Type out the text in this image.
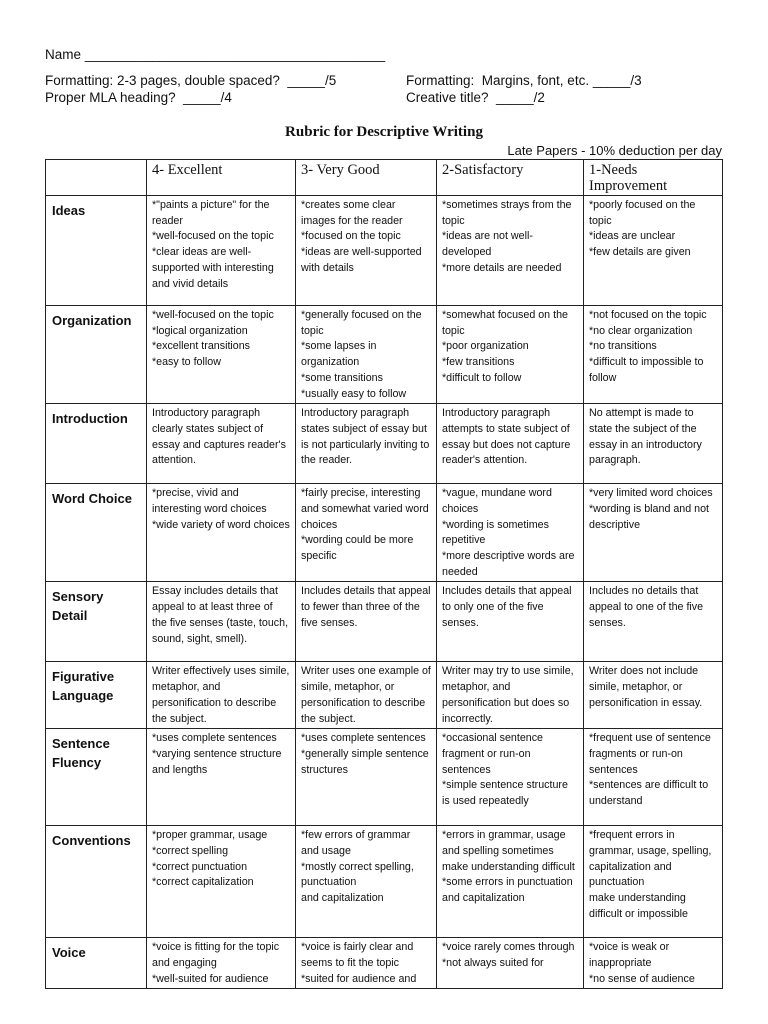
Name ________________________________________
Formatting: 2-3 pages, double spaced?  _____/5	Formatting:  Margins, font, etc. _____/3
Proper MLA heading?  _____/4	Creative title?  _____/2
Rubric for Descriptive Writing
Late Papers - 10% deduction per day
	4- Excellent	3- Very Good	2-Satisfactory	1-Needs
Improvement
Ideas	*"paints a picture" for the reader
*well-focused on the topic
*clear ideas are well-supported with interesting and vivid details	*creates some clear images for the reader
*focused on the topic
*ideas are well-supported with details	*sometimes strays from the topic
*ideas are not well-developed
*more details are needed	*poorly focused on the topic
*ideas are unclear
*few details are given
Organization	*well-focused on the topic
*logical organization
*excellent transitions
*easy to follow	*generally focused on the topic
*some lapses in organization
*some transitions
*usually easy to follow	*somewhat focused on the topic
*poor organization
*few transitions
*difficult to follow	*not focused on the topic
*no clear organization
*no transitions
*difficult to impossible to follow
Introduction	Introductory paragraph clearly states subject of essay and captures reader's attention.	Introductory paragraph states subject of essay but is not particularly inviting to the reader.	Introductory paragraph attempts to state subject of essay but does not capture reader's attention.	No attempt is made to state the subject of the essay in an introductory paragraph.
Word Choice	*precise, vivid and interesting word choices
*wide variety of word choices	*fairly precise, interesting and somewhat varied word choices
*wording could be more specific	*vague, mundane word choices
*wording is sometimes repetitive
*more descriptive words are needed	*very limited word choices
*wording is bland and not descriptive
Sensory
Detail	Essay includes details that appeal to at least three of the five senses (taste, touch, sound, sight, smell).	Includes details that appeal to fewer than three of the five senses.	Includes details that appeal to only one of the five senses.	Includes no details that appeal to one of the five senses.
Figurative
Language	Writer effectively uses simile, metaphor, and personification to describe the subject.	Writer uses one example of simile, metaphor, or personification to describe the subject.	Writer may try to use simile, metaphor, and personification but does so incorrectly.	Writer does not include simile, metaphor, or personification in essay.
Sentence
Fluency	*uses complete sentences
*varying sentence structure and lengths	*uses complete sentences
*generally simple sentence structures	*occasional sentence fragment or run-on sentences
*simple sentence structure is used repeatedly	*frequent use of sentence fragments or run-on sentences
*sentences are difficult to understand
Conventions	*proper grammar, usage
*correct spelling
*correct punctuation
*correct capitalization	*few errors of grammar and usage
*mostly correct spelling, punctuation
and capitalization	*errors in grammar, usage and spelling sometimes make understanding difficult
*some errors in punctuation and capitalization	*frequent errors in grammar, usage, spelling, capitalization and punctuation
make understanding difficult or impossible
Voice	*voice is fitting for the topic and engaging
*well-suited for audience	*voice is fairly clear and seems to fit the topic
*suited for audience and	*voice rarely comes through
*not always suited for	*voice is weak or inappropriate
*no sense of audience
